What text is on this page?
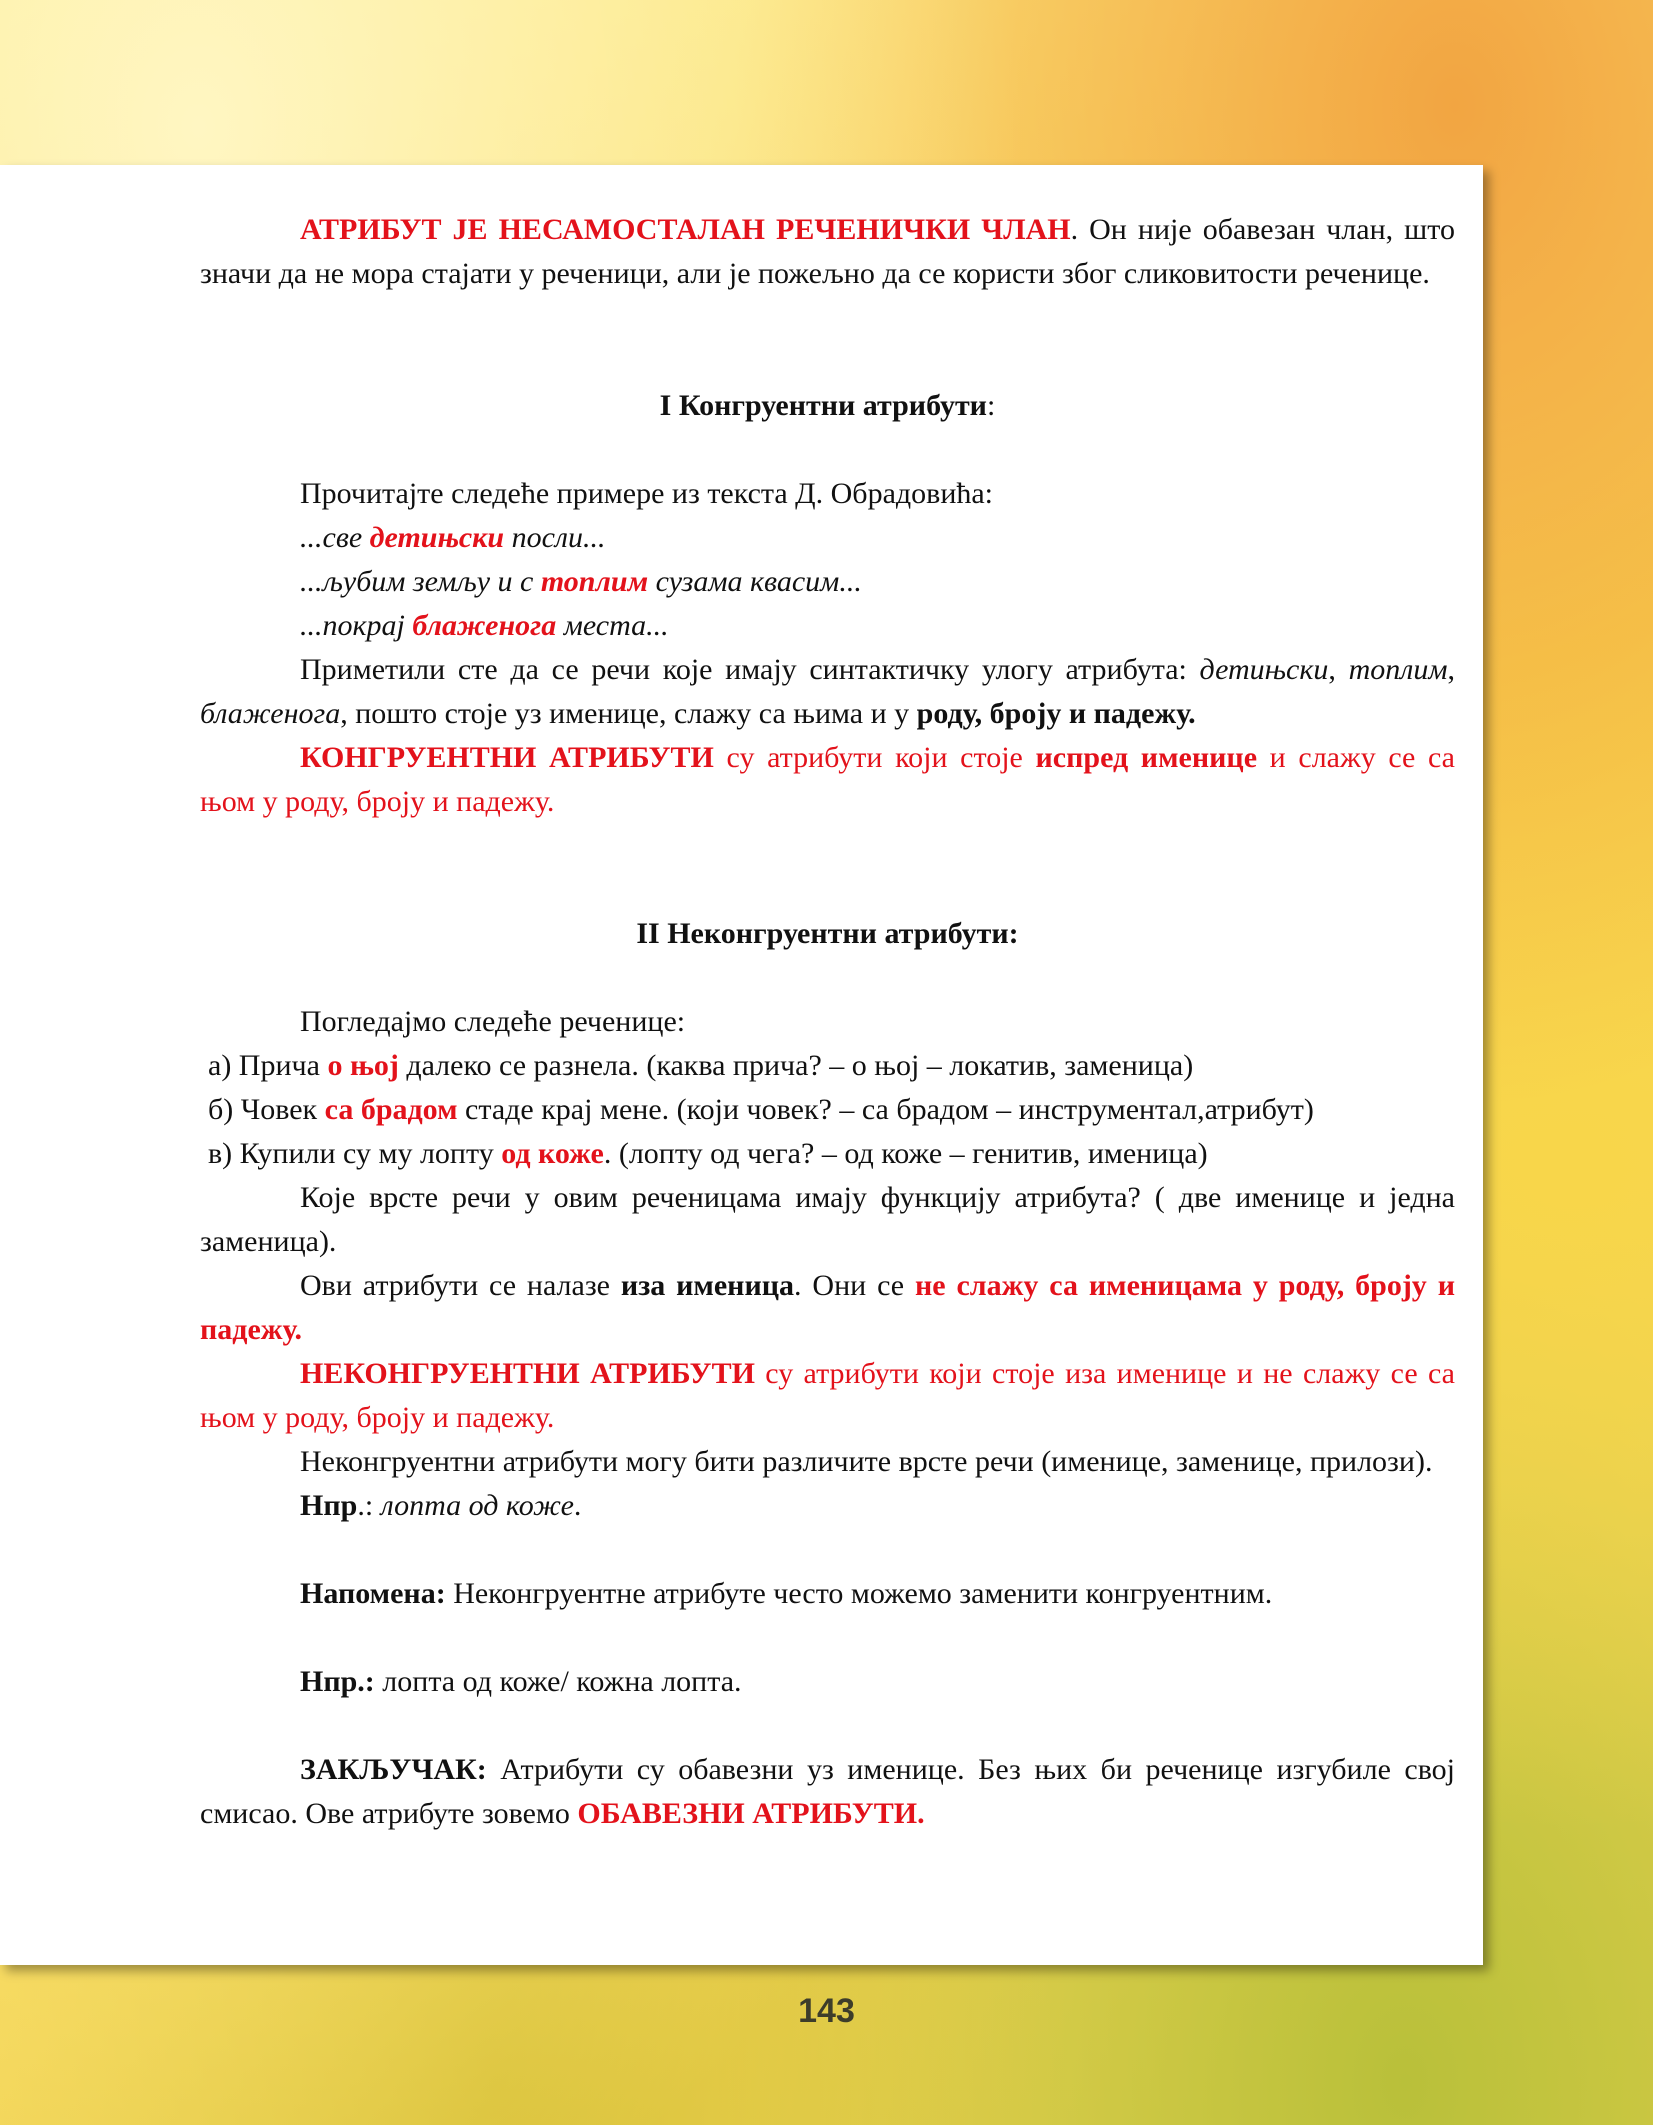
АТРИБУТ ЈЕ НЕСАМОСТАЛАН РЕЧЕНИЧКИ ЧЛАН. Он није обавезан члан, што значи да не мора стајати у реченици, али је пожељно да се користи због сликовитости реченице.

I Конгруентни атрибути:

Прочитајте следеће примере из текста Д. Обрадовића:

...све детињски посли...

...љубим земљу и с топлим сузама квасим...

...покрај блаженога места...

Приметили сте да се речи које имају синтактичку улогу атрибута: детињски, топлим, блаженога, пошто стоје уз именице, слажу са њима и у роду, броју и падежу.

КОНГРУЕНТНИ АТРИБУТИ су атрибути који стоје испред именице и слажу се са њом у роду, броју и падежу.

II Неконгруентни атрибути:

Погледајмо следеће реченице:

а) Прича о њој далеко се разнела. (каква прича? – о њој – локатив, заменица)

б) Човек са брадом стаде крај мене. (који човек? – са брадом – инструментал,атрибут)

в) Купили су му лопту од коже. (лопту од чега? – од коже – генитив, именица)

Које врсте речи у овим реченицама имају функцију атрибута? ( две именице и једна заменица).

Ови атрибути се налазе иза именица. Они се не слажу са именицама у роду, броју и падежу.

НЕКОНГРУЕНТНИ АТРИБУТИ су атрибути који стоје иза именице и не слажу се са њом у роду, броју и падежу.

Неконгруентни атрибути могу бити различите врсте речи (именице, заменице, прилози).

Нпр.: лопта од коже.

Напомена: Неконгруентне атрибуте често можемо заменити конгруентним.

Нпр.: лопта од коже/ кожна лопта.

ЗАКЉУЧАК: Атрибути су обавезни уз именице. Без њих би реченице изгубиле свој смисао. Ове атрибуте зовемо ОБАВЕЗНИ АТРИБУТИ.

143
